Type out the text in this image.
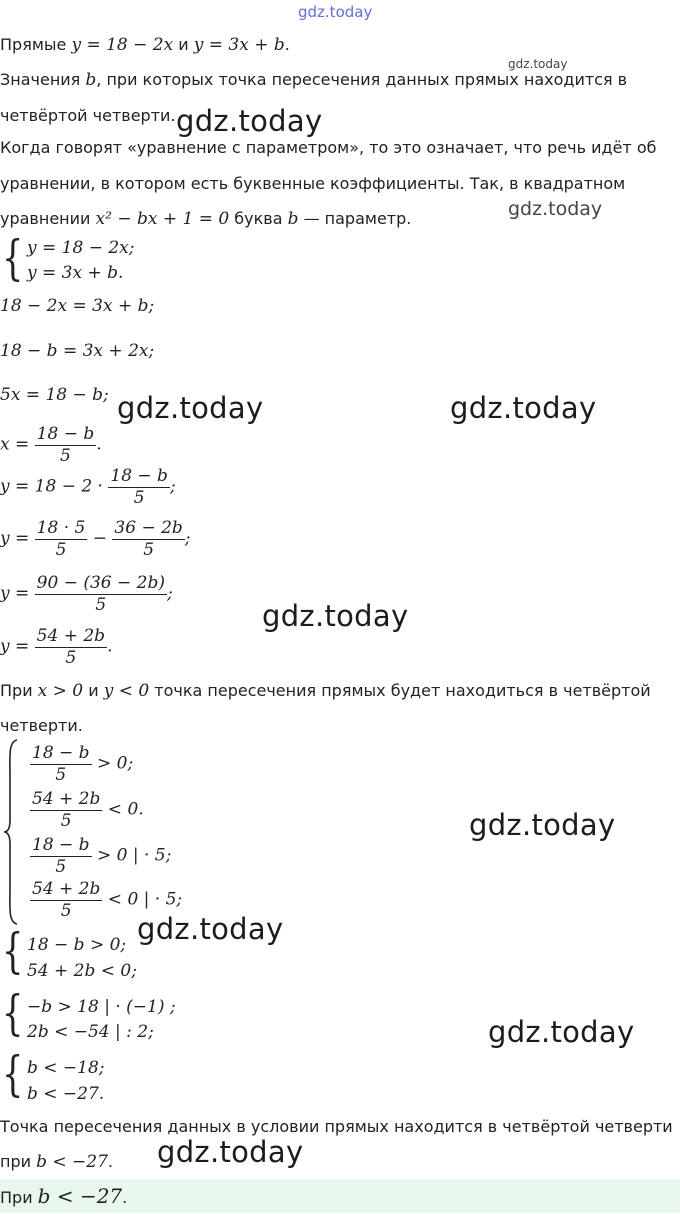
gdz.today
Прямые y = 18 − 2x и y = 3x + b.
gdz.today
Значения b, при которых точка пересечения данных прямых находится в
четвёртой четверти. gdz.today
Когда говорят «уравнение с параметром», то это означает, что речь идёт об
уравнении, в котором есть буквенные коэффициенты. Так, в квадратном
уравнении x² − bx + 1 = 0 буква b — параметр.	gdz.today
{ y = 18 − 2x;
y = 3x + b.
18 − 2x = 3x + b;
18 − b = 3x + 2x;
5x = 18 − b; gdz.today	gdz.today
$x = \frac{18 - b}{5}$ .
$y = 18 - 2 \cdot \frac{18 - b}{5}$ ;
$y = \frac{18 \cdot 5}{5} - \frac{36 - 2b}{5}$ ;
$y = \frac{90 - (36 - 2b)}{5}$ ;
gdz.today
$y = \frac{54 + 2b}{5}$ .
При x > 0 и y < 0 точка пересечения прямых будет находиться в четвёртой
четверти.
$\frac{18 - b}{5} > 0$;
$\frac{54 + 2b}{5} < 0$.
$\frac{18 - b}{5} > 0$ | · 5;
$\frac{54 + 2b}{5} < 0$ | · 5;
gdz.today
gdz.today
{ 18 − b > 0;
54 + 2b < 0;
{ −b > 18 | · (−1) ;
2b < −54 | : 2;	gdz.today
{ b < −18;
b < −27.
Точка пересечения данных в условии прямых находится в четвёртой четверти
при b < −27. gdz.today
При b < −27.
